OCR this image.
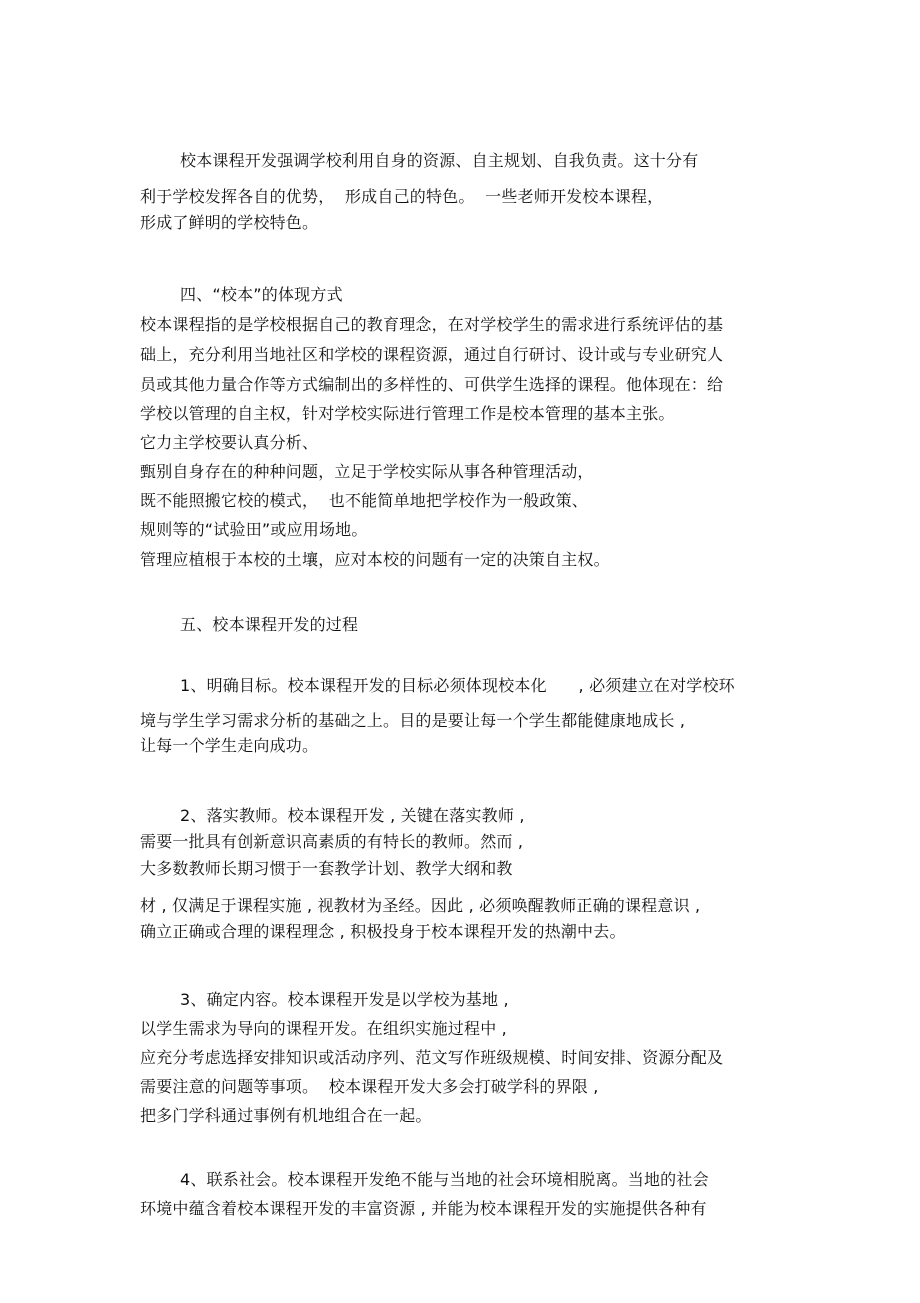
校本课程开发强调学校利用自身的资源、自主规划、自我负责。这十分有
利于学校发挥各自的优势，  形成自己的特色。  一些老师开发校本课程，
形成了鲜明的学校特色。
四、“校本”的体现方式
校本课程指的是学校根据自己的教育理念，在对学校学生的需求进行系统评估的基
础上，充分利用当地社区和学校的课程资源，通过自行研讨、设计或与专业研究人
员或其他力量合作等方式编制出的多样性的、可供学生选择的课程。他体现在：给
学校以管理的自主权，针对学校实际进行管理工作是校本管理的基本主张。
它力主学校要认真分析、
甄别自身存在的种种问题，立足于学校实际从事各种管理活动，
既不能照搬它校的模式，  也不能简单地把学校作为一般政策、
规则等的“试验田”或应用场地。
管理应植根于本校的土壤，应对本校的问题有一定的决策自主权。
五、校本课程开发的过程
1、明确目标。校本课程开发的目标必须体现校本化      , 必须建立在对学校环
境与学生学习需求分析的基础之上。目的是要让每一个学生都能健康地成长 ,
让每一个学生走向成功。
2、落实教师。校本课程开发 , 关键在落实教师 ,
需要一批具有创新意识高素质的有特长的教师。然而 ,
大多数教师长期习惯于一套教学计划、教学大纲和教
材 , 仅满足于课程实施 , 视教材为圣经。因此 , 必须唤醒教师正确的课程意识 ,
确立正确或合理的课程理念 , 积极投身于校本课程开发的热潮中去。
3、确定内容。校本课程开发是以学校为基地 ,
以学生需求为导向的课程开发。在组织实施过程中 ,
应充分考虑选择安排知识或活动序列、范文写作班级规模、时间安排、资源分配及
需要注意的问题等事项。  校本课程开发大多会打破学科的界限 ,
把多门学科通过事例有机地组合在一起。
4、联系社会。校本课程开发绝不能与当地的社会环境相脱离。当地的社会
环境中蕴含着校本课程开发的丰富资源 , 并能为校本课程开发的实施提供各种有
